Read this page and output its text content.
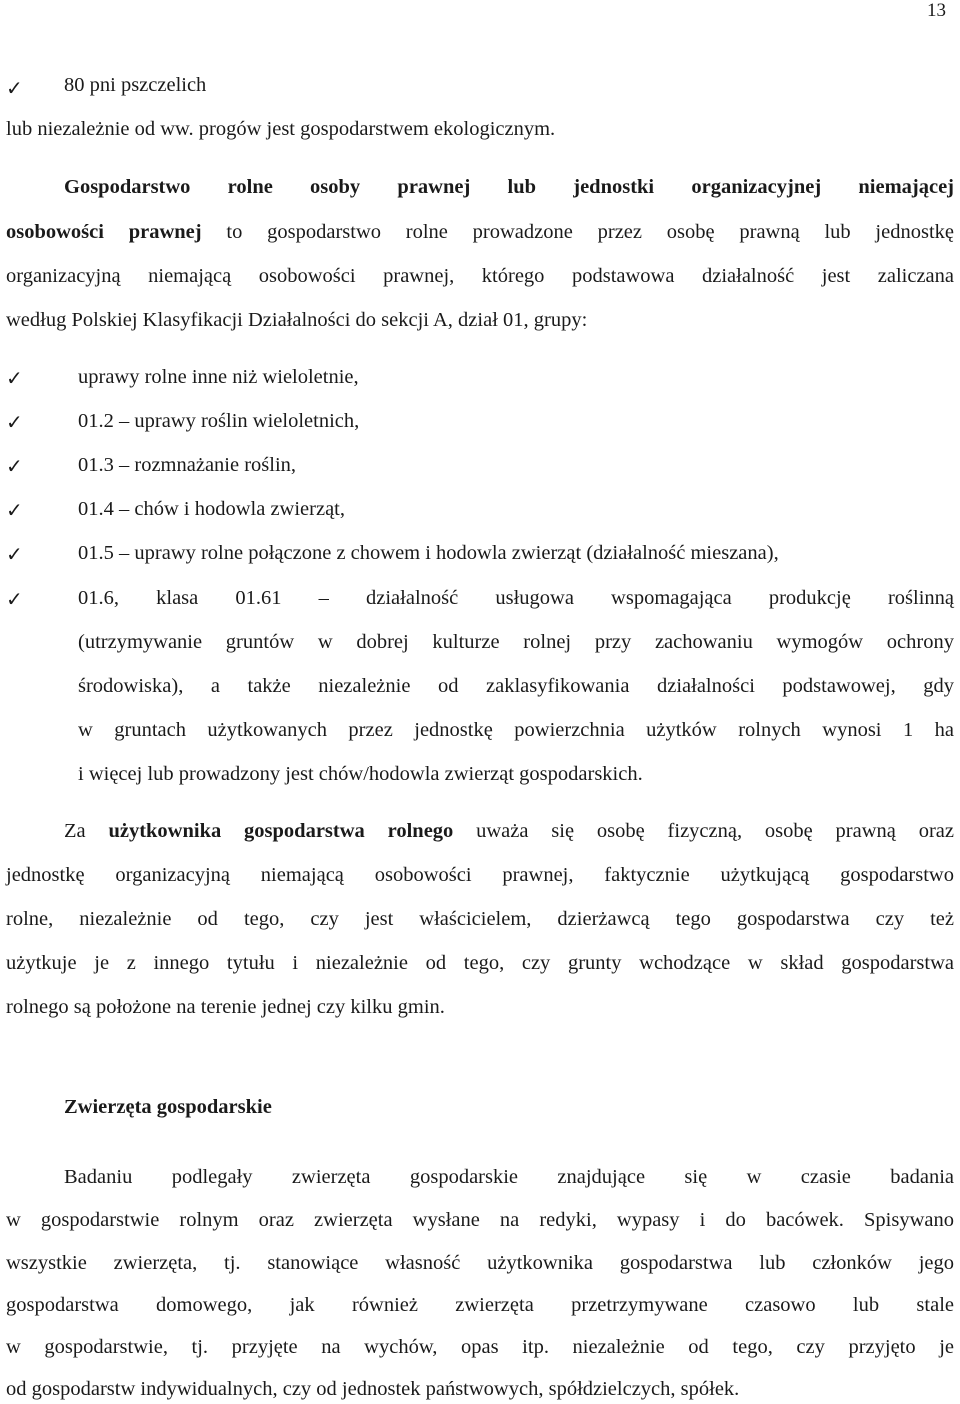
13
✓
80 pni pszczelich
lub niezależnie od ww. progów jest gospodarstwem ekologicznym.
Gospodarstwo rolne osoby prawnej lub jednostki organizacyjnej niemającej
osobowości prawnej to gospodarstwo rolne prowadzone przez osobę prawną lub jednostkę
organizacyjną niemającą osobowości prawnej, którego podstawowa działalność jest zaliczana
według Polskiej Klasyfikacji Działalności do sekcji A, dział 01, grupy:
✓
uprawy rolne inne niż wieloletnie,
✓
01.2 – uprawy roślin wieloletnich,
✓
01.3 – rozmnażanie roślin,
✓
01.4 – chów i hodowla zwierząt,
✓
01.5 – uprawy rolne połączone z chowem i hodowla zwierząt (działalność mieszana),
✓
01.6, klasa 01.61 – działalność usługowa wspomagająca produkcję roślinną
(utrzymywanie gruntów w dobrej kulturze rolnej przy zachowaniu wymogów ochrony
środowiska), a także niezależnie od zaklasyfikowania działalności podstawowej, gdy
w gruntach użytkowanych przez jednostkę powierzchnia użytków rolnych wynosi 1 ha
i więcej lub prowadzony jest chów/hodowla zwierząt gospodarskich.
Za użytkownika gospodarstwa rolnego uważa się osobę fizyczną, osobę prawną oraz
jednostkę organizacyjną niemającą osobowości prawnej, faktycznie użytkującą gospodarstwo
rolne, niezależnie od tego, czy jest właścicielem, dzierżawcą tego gospodarstwa czy też
użytkuje je z innego tytułu i niezależnie od tego, czy grunty wchodzące w skład gospodarstwa
rolnego są położone na terenie jednej czy kilku gmin.
Zwierzęta gospodarskie
Badaniu podlegały zwierzęta gospodarskie znajdujące się w czasie badania
w gospodarstwie rolnym oraz zwierzęta wysłane na redyki, wypasy i do bacówek. Spisywano
wszystkie zwierzęta, tj. stanowiące własność użytkownika gospodarstwa lub członków jego
gospodarstwa domowego, jak również zwierzęta przetrzymywane czasowo lub stale
w gospodarstwie, tj. przyjęte na wychów, opas itp. niezależnie od tego, czy przyjęto je
od gospodarstw indywidualnych, czy od jednostek państwowych, spółdzielczych, spółek.
